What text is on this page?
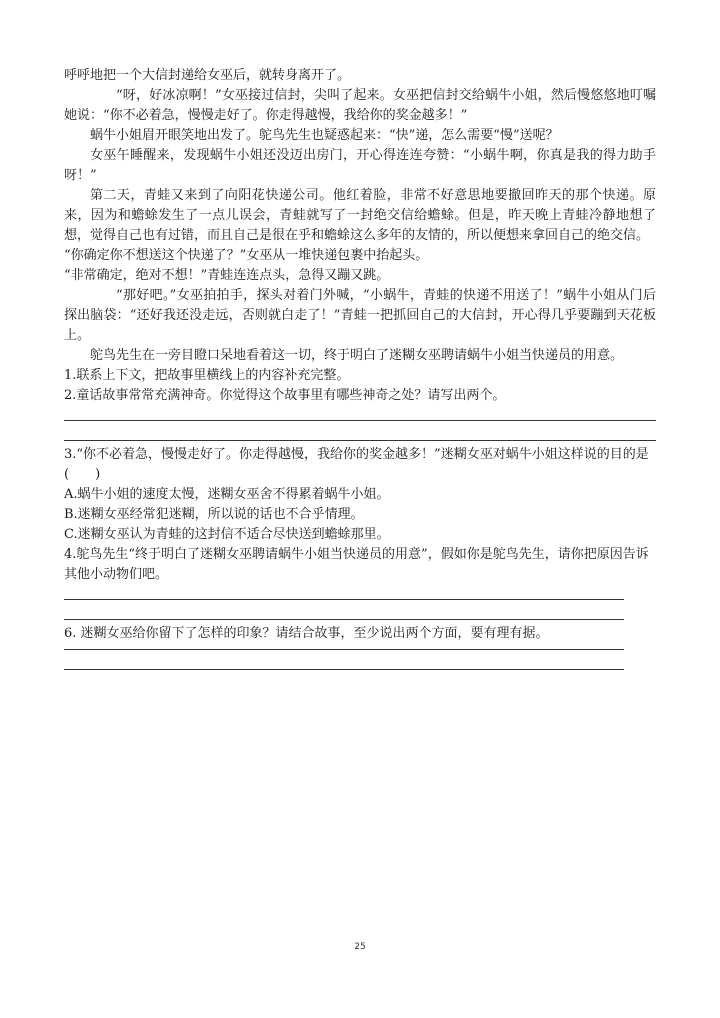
呼呼地把一个大信封递给女巫后，就转身离开了。

“呀，好冰凉啊！”女巫接过信封，尖叫了起来。女巫把信封交给蜗牛小姐，然后慢悠悠地叮嘱她说：“你不必着急，慢慢走好了。你走得越慢，我给你的奖金越多！”

蜗牛小姐眉开眼笑地出发了。鸵鸟先生也疑惑起来：“快”递，怎么需要“慢”送呢？

女巫午睡醒来，发现蜗牛小姐还没迈出房门，开心得连连夸赞：“小蜗牛啊，你真是我的得力助手呀！”

第二天，青蛙又来到了向阳花快递公司。他红着脸，非常不好意思地要撤回昨天的那个快递。原来，因为和蟾蜍发生了一点儿误会，青蛙就写了一封绝交信给蟾蜍。但是，昨天晚上青蛙冷静地想了想，觉得自己也有过错，而且自己是很在乎和蟾蜍这么多年的友情的，所以便想来拿回自己的绝交信。

“你确定你不想送这个快递了？”女巫从一堆快递包裹中抬起头。

“非常确定，绝对不想！”青蛙连连点头，急得又蹦又跳。

“那好吧。”女巫拍拍手，探头对着门外喊，“小蜗牛，青蛙的快递不用送了！”蜗牛小姐从门后探出脑袋：“还好我还没走远，否则就白走了！”青蛙一把抓回自己的大信封，开心得几乎要蹦到天花板上。

鸵鸟先生在一旁目瞪口呆地看着这一切，终于明白了迷糊女巫聘请蜗牛小姐当快递员的用意。

1.联系上下文，把故事里横线上的内容补充完整。

2.童话故事常常充满神奇。你觉得这个故事里有哪些神奇之处？请写出两个。

3.“你不必着急，慢慢走好了。你走得越慢，我给你的奖金越多！”迷糊女巫对蜗牛小姐这样说的目的是(　　)

A.蜗牛小姐的速度太慢，迷糊女巫舍不得累着蜗牛小姐。

B.迷糊女巫经常犯迷糊，所以说的话也不合乎情理。

C.迷糊女巫认为青蛙的这封信不适合尽快送到蟾蜍那里。

4.鸵鸟先生“终于明白了迷糊女巫聘请蜗牛小姐当快递员的用意”，假如你是鸵鸟先生，请你把原因告诉其他小动物们吧。

6. 迷糊女巫给你留下了怎样的印象？请结合故事，至少说出两个方面，要有理有据。

25
